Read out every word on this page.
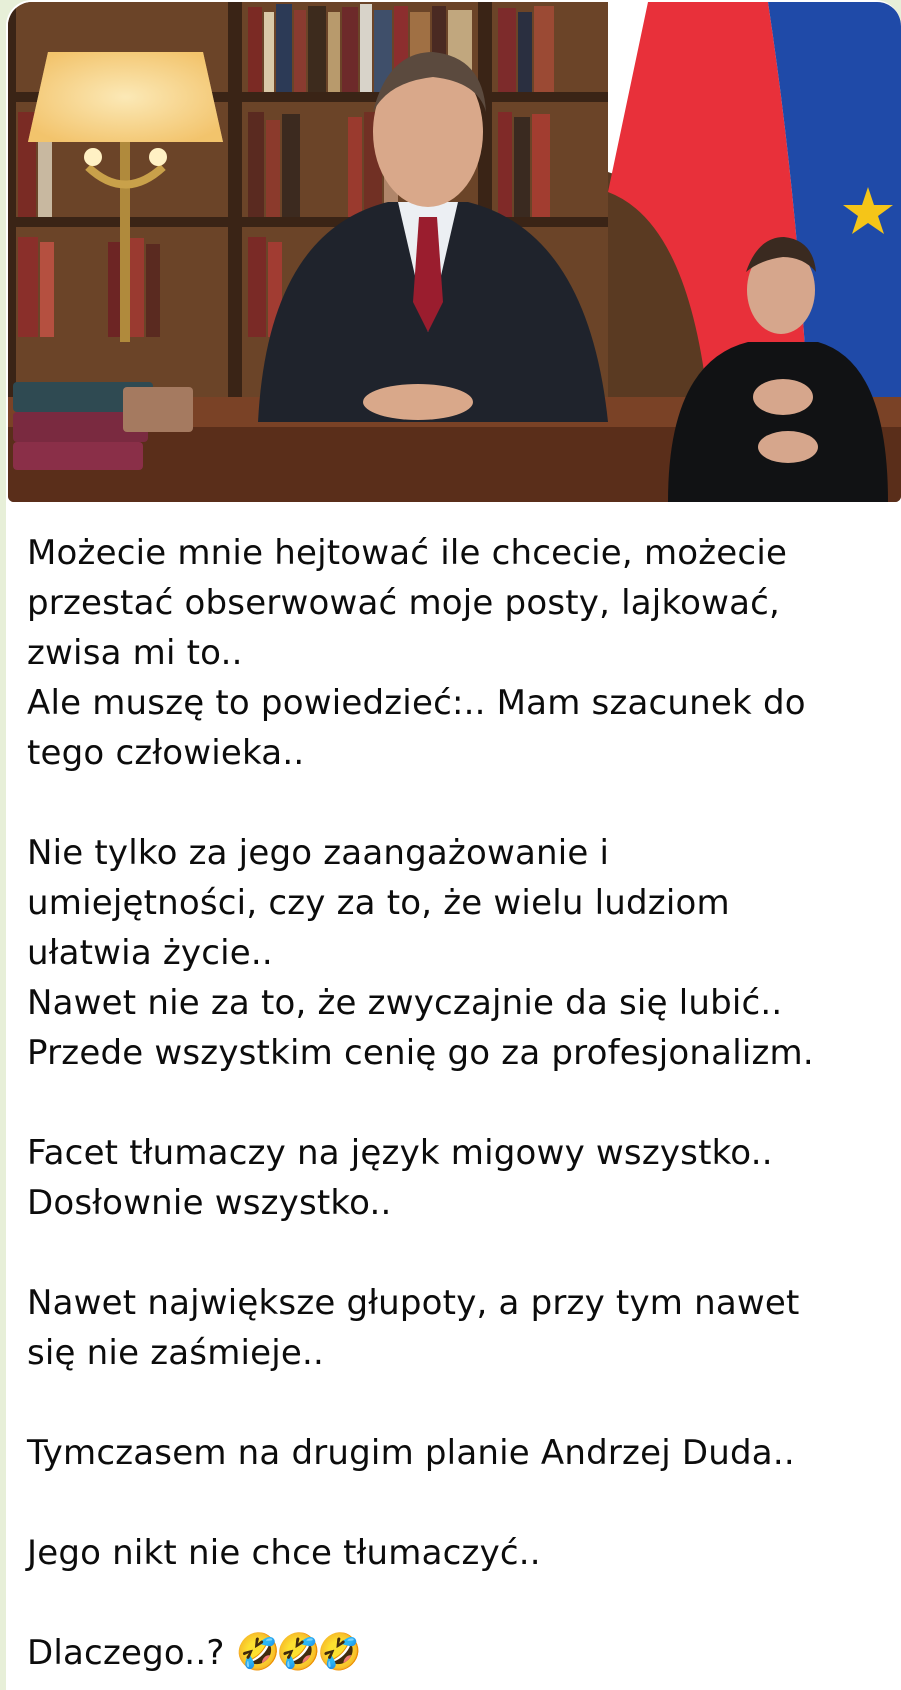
Możecie mnie hejtować ile chcecie, możecie

przestać obserwować moje posty, lajkować,

zwisa mi to..

Ale muszę to powiedzieć:.. Mam szacunek do

tego człowieka..

Nie tylko za jego zaangażowanie i

umiejętności, czy za to, że wielu ludziom

ułatwia życie..

Nawet nie za to, że zwyczajnie da się lubić..

Przede wszystkim cenię go za profesjonalizm.

Facet tłumaczy na język migowy wszystko..

Dosłownie wszystko..

Nawet największe głupoty, a przy tym nawet

się nie zaśmieje..

Tymczasem na drugim planie Andrzej Duda..

Jego nikt nie chce tłumaczyć..

Dlaczego..? 🤣🤣🤣
